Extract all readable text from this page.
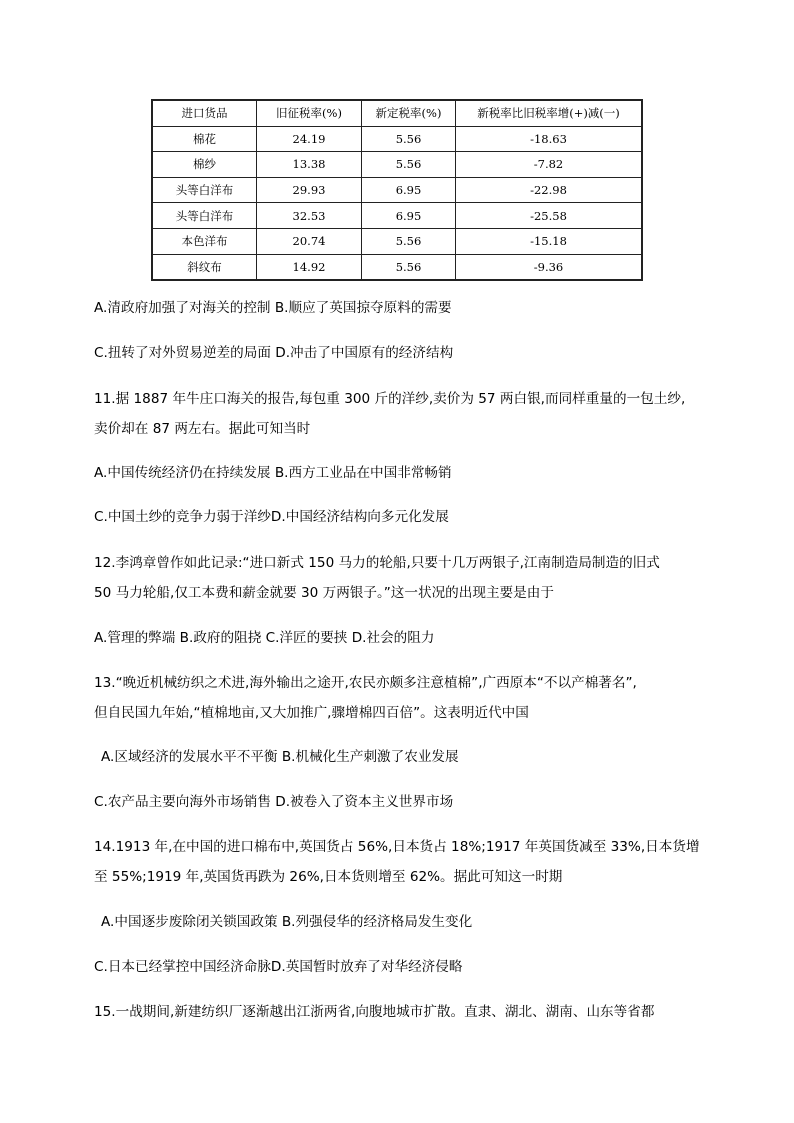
进口货品	旧征税率(%)	新定税率(%)	新税率比旧税率增(+)减(一)
棉花	24.19	5.56	-18.63
棉纱	13.38	5.56	-7.82
头等白洋布	29.93	6.95	-22.98
头等白洋布	32.53	6.95	-25.58
本色洋布	20.74	5.56	-15.18
斜纹布	14.92	5.56	-9.36
A.清政府加强了对海关的控制 B.顺应了英国掠夺原料的需要
C.扭转了对外贸易逆差的局面 D.冲击了中国原有的经济结构
11.据 1887 年牛庄口海关的报告,每包重 300 斤的洋纱,卖价为 57 两白银,而同样重量的一包土纱,
卖价却在 87 两左右。据此可知当时
A.中国传统经济仍在持续发展 B.西方工业品在中国非常畅销
C.中国土纱的竞争力弱于洋纱D.中国经济结构向多元化发展
12.李鸿章曾作如此记录:“进口新式 150 马力的轮船,只要十几万两银子,江南制造局制造的旧式
50 马力轮船,仅工本费和薪金就要 30 万两银子。”这一状况的出现主要是由于
A.管理的弊端 B.政府的阻挠 C.洋匠的要挟 D.社会的阻力
13.“晚近机械纺织之术进,海外输出之途开,农民亦颇多注意植棉”,广西原本“不以产棉著名”,
但自民国九年始,“植棉地亩,又大加推广,骤增棉四百倍”。这表明近代中国
A.区域经济的发展水平不平衡 B.机械化生产刺激了农业发展
C.农产品主要向海外市场销售 D.被卷入了资本主义世界市场
14.1913 年,在中国的进口棉布中,英国货占 56%,日本货占 18%;1917 年英国货减至 33%,日本货增
至 55%;1919 年,英国货再跌为 26%,日本货则增至 62%。据此可知这一时期
A.中国逐步废除闭关锁国政策 B.列强侵华的经济格局发生变化
C.日本已经掌控中国经济命脉D.英国暂时放弃了对华经济侵略
15.一战期间,新建纺织厂逐渐越出江浙两省,向腹地城市扩散。直隶、湖北、湖南、山东等省都
